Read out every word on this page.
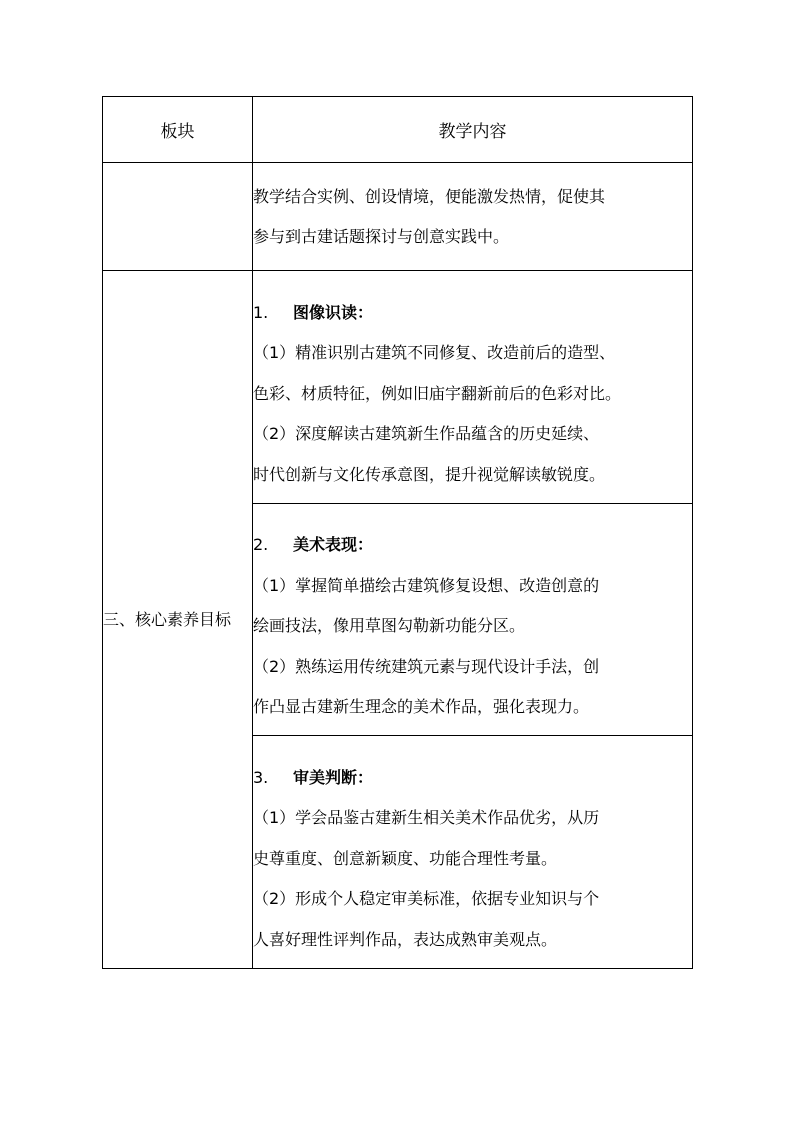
板块	教学内容

	教学结合实例、创设情境，便能激发热情，促使其
参与到古建话题探讨与创意实践中。

三、核心素养目标	1. 图像识读：
（1）精准识别古建筑不同修复、改造前后的造型、
色彩、材质特征，例如旧庙宇翻新前后的色彩对比。
（2）深度解读古建筑新生作品蕴含的历史延续、
时代创新与文化传承意图，提升视觉解读敏锐度。

	2. 美术表现：
（1）掌握简单描绘古建筑修复设想、改造创意的
绘画技法，像用草图勾勒新功能分区。
（2）熟练运用传统建筑元素与现代设计手法，创
作凸显古建新生理念的美术作品，强化表现力。

	3. 审美判断：
（1）学会品鉴古建新生相关美术作品优劣，从历
史尊重度、创意新颖度、功能合理性考量。
（2）形成个人稳定审美标准，依据专业知识与个
人喜好理性评判作品，表达成熟审美观点。
